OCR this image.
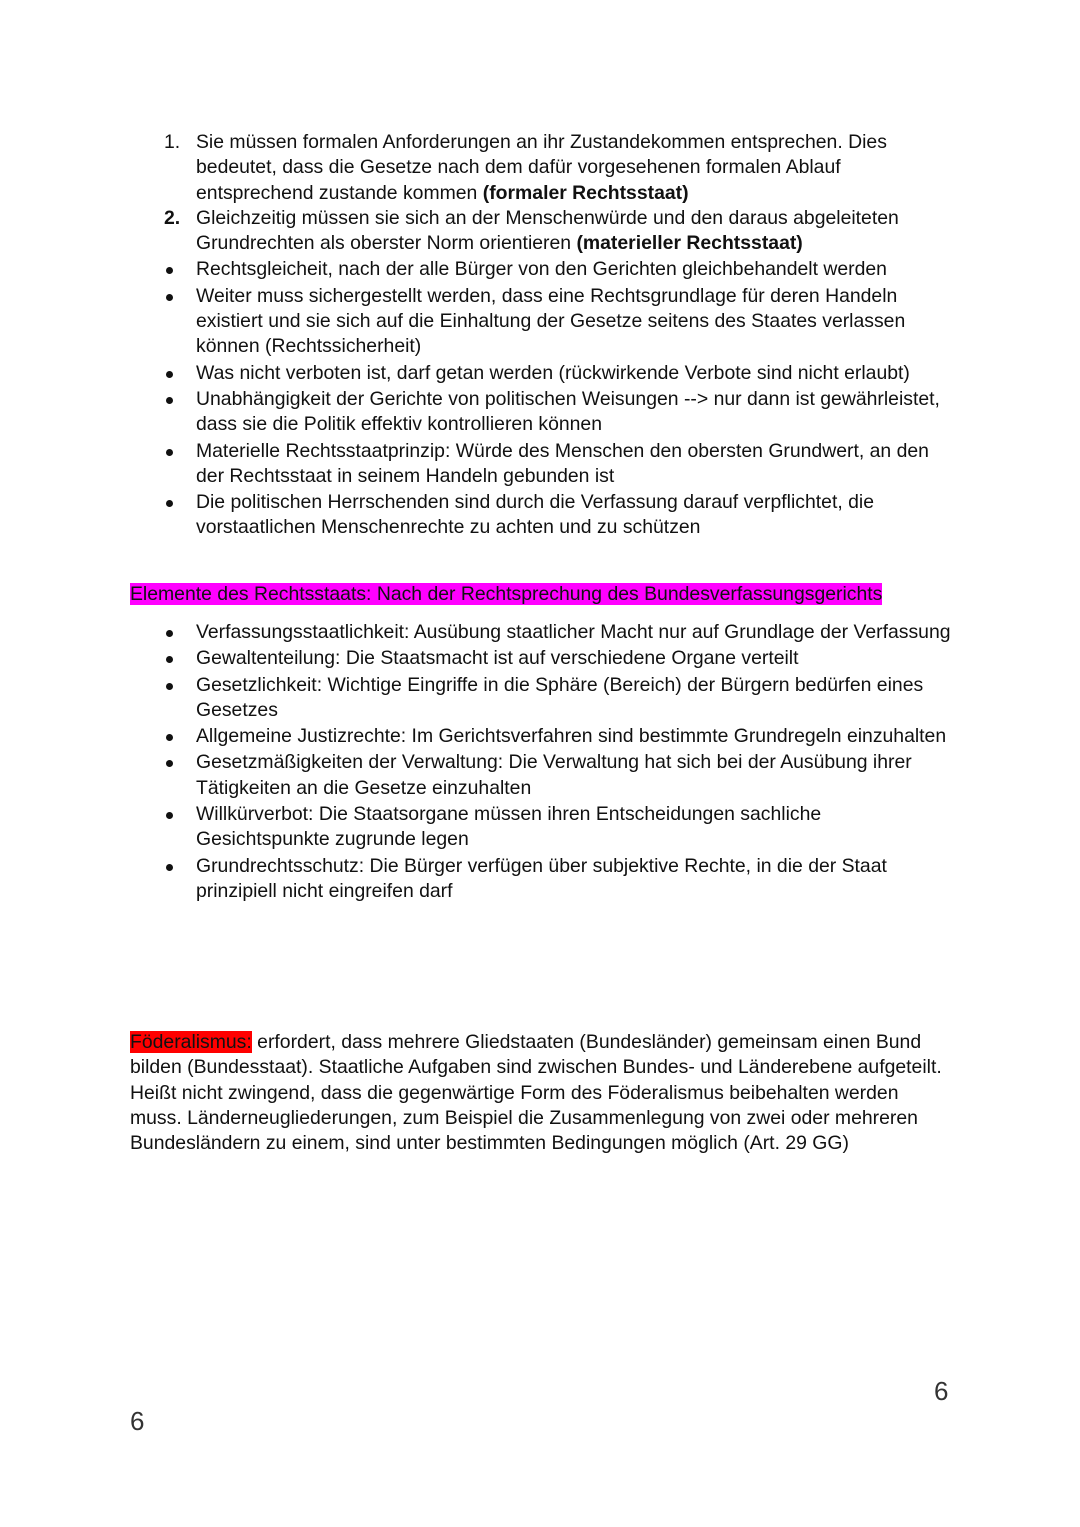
1. Sie müssen formalen Anforderungen an ihr Zustandekommen entsprechen. Dies bedeutet, dass die Gesetze nach dem dafür vorgesehenen formalen Ablauf entsprechend zustande kommen (formaler Rechtsstaat)
2. Gleichzeitig müssen sie sich an der Menschenwürde und den daraus abgeleiteten Grundrechten als oberster Norm orientieren (materieller Rechtsstaat)
Rechtsgleicheit, nach der alle Bürger von den Gerichten gleichbehandelt werden
Weiter muss sichergestellt werden, dass eine Rechtsgrundlage für deren Handeln existiert und sie sich auf die Einhaltung der Gesetze seitens des Staates verlassen können (Rechtssicherheit)
Was nicht verboten ist, darf getan werden (rückwirkende Verbote sind nicht erlaubt)
Unabhängigkeit der Gerichte von politischen Weisungen --> nur dann ist gewährleistet, dass sie die Politik effektiv kontrollieren können
Materielle Rechtsstaatprinzip: Würde des Menschen den obersten Grundwert, an den der Rechtsstaat in seinem Handeln gebunden ist
Die politischen Herrschenden sind durch die Verfassung darauf verpflichtet, die vorstaatlichen Menschenrechte zu achten und zu schützen
Elemente des Rechtsstaats: Nach der Rechtsprechung des Bundesverfassungsgerichts
Verfassungsstaatlichkeit: Ausübung staatlicher Macht nur auf Grundlage der Verfassung
Gewaltenteilung: Die Staatsmacht ist auf verschiedene Organe verteilt
Gesetzlichkeit: Wichtige Eingriffe in die Sphäre (Bereich) der Bürgern bedürfen eines Gesetzes
Allgemeine Justizrechte: Im Gerichtsverfahren sind bestimmte Grundregeln einzuhalten
Gesetzmäßigkeiten der Verwaltung: Die Verwaltung hat sich bei der Ausübung ihrer Tätigkeiten an die Gesetze einzuhalten
Willkürverbot: Die Staatsorgane müssen ihren Entscheidungen sachliche Gesichtspunkte zugrunde legen
Grundrechtsschutz: Die Bürger verfügen über subjektive Rechte, in die der Staat prinzipiell nicht eingreifen darf
Föderalismus: erfordert, dass mehrere Gliedstaaten (Bundesländer) gemeinsam einen Bund bilden (Bundesstaat). Staatliche Aufgaben sind zwischen Bundes- und Länderebene aufgeteilt. Heißt nicht zwingend, dass die gegenwärtige Form des Föderalismus beibehalten werden muss. Länderneugliederungen, zum Beispiel die Zusammenlegung von zwei oder mehreren Bundesländern zu einem, sind unter bestimmten Bedingungen möglich (Art. 29 GG)
6
6
